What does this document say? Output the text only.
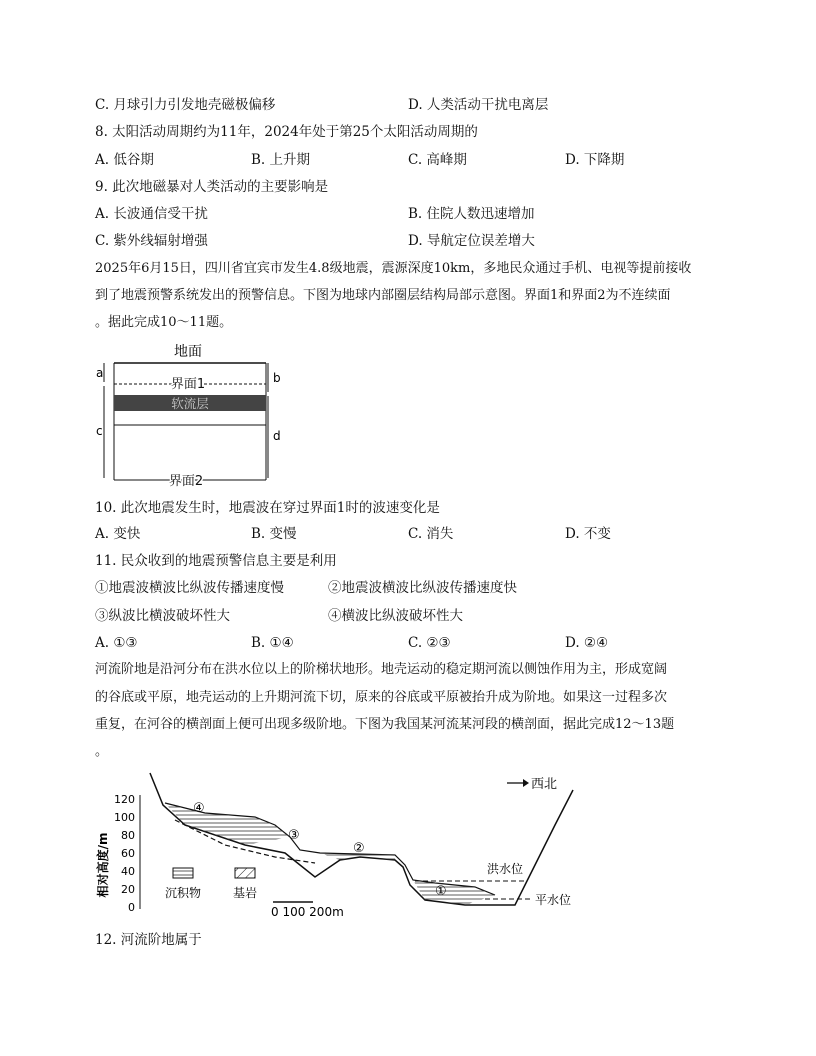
C. 月球引力引发地壳磁极偏移	D. 人类活动干扰电离层
8. 太阳活动周期约为11年，2024年处于第25个太阳活动周期的
A. 低谷期	B. 上升期	C. 高峰期	D. 下降期
9. 此次地磁暴对人类活动的主要影响是
A. 长波通信受干扰	B. 住院人数迅速增加
C. 紫外线辐射增强	D. 导航定位误差增大
2025年6月15日，四川省宜宾市发生4.8级地震，震源深度10km，多地民众通过手机、电视等提前接收
到了地震预警系统发出的预警信息。下图为地球内部圈层结构局部示意图。界面1和界面2为不连续面
。据此完成10～11题。
地面
a
c
b
d
界面1
软流层
界面2
10. 此次地震发生时，地震波在穿过界面1时的波速变化是
A. 变快	B. 变慢	C. 消失	D. 不变
11. 民众收到的地震预警信息主要是利用
①地震波横波比纵波传播速度慢	②地震波横波比纵波传播速度快
③纵波比横波破坏性大	④横波比纵波破坏性大
A. ①③	B. ①④	C. ②③	D. ②④
河流阶地是沿河分布在洪水位以上的阶梯状地形。地壳运动的稳定期河流以侧蚀作用为主，形成宽阔
的谷底或平原，地壳运动的上升期河流下切，原来的谷底或平原被抬升成为阶地。如果这一过程多次
重复，在河谷的横剖面上便可出现多级阶地。下图为我国某河流某河段的横剖面，据此完成12～13题
。
相对高度/m
120
100
80
60
40
20
0
洪水位
平水位
④
③
②
①
西北
沉积物	基岩
0 100 200m
12. 河流阶地属于
